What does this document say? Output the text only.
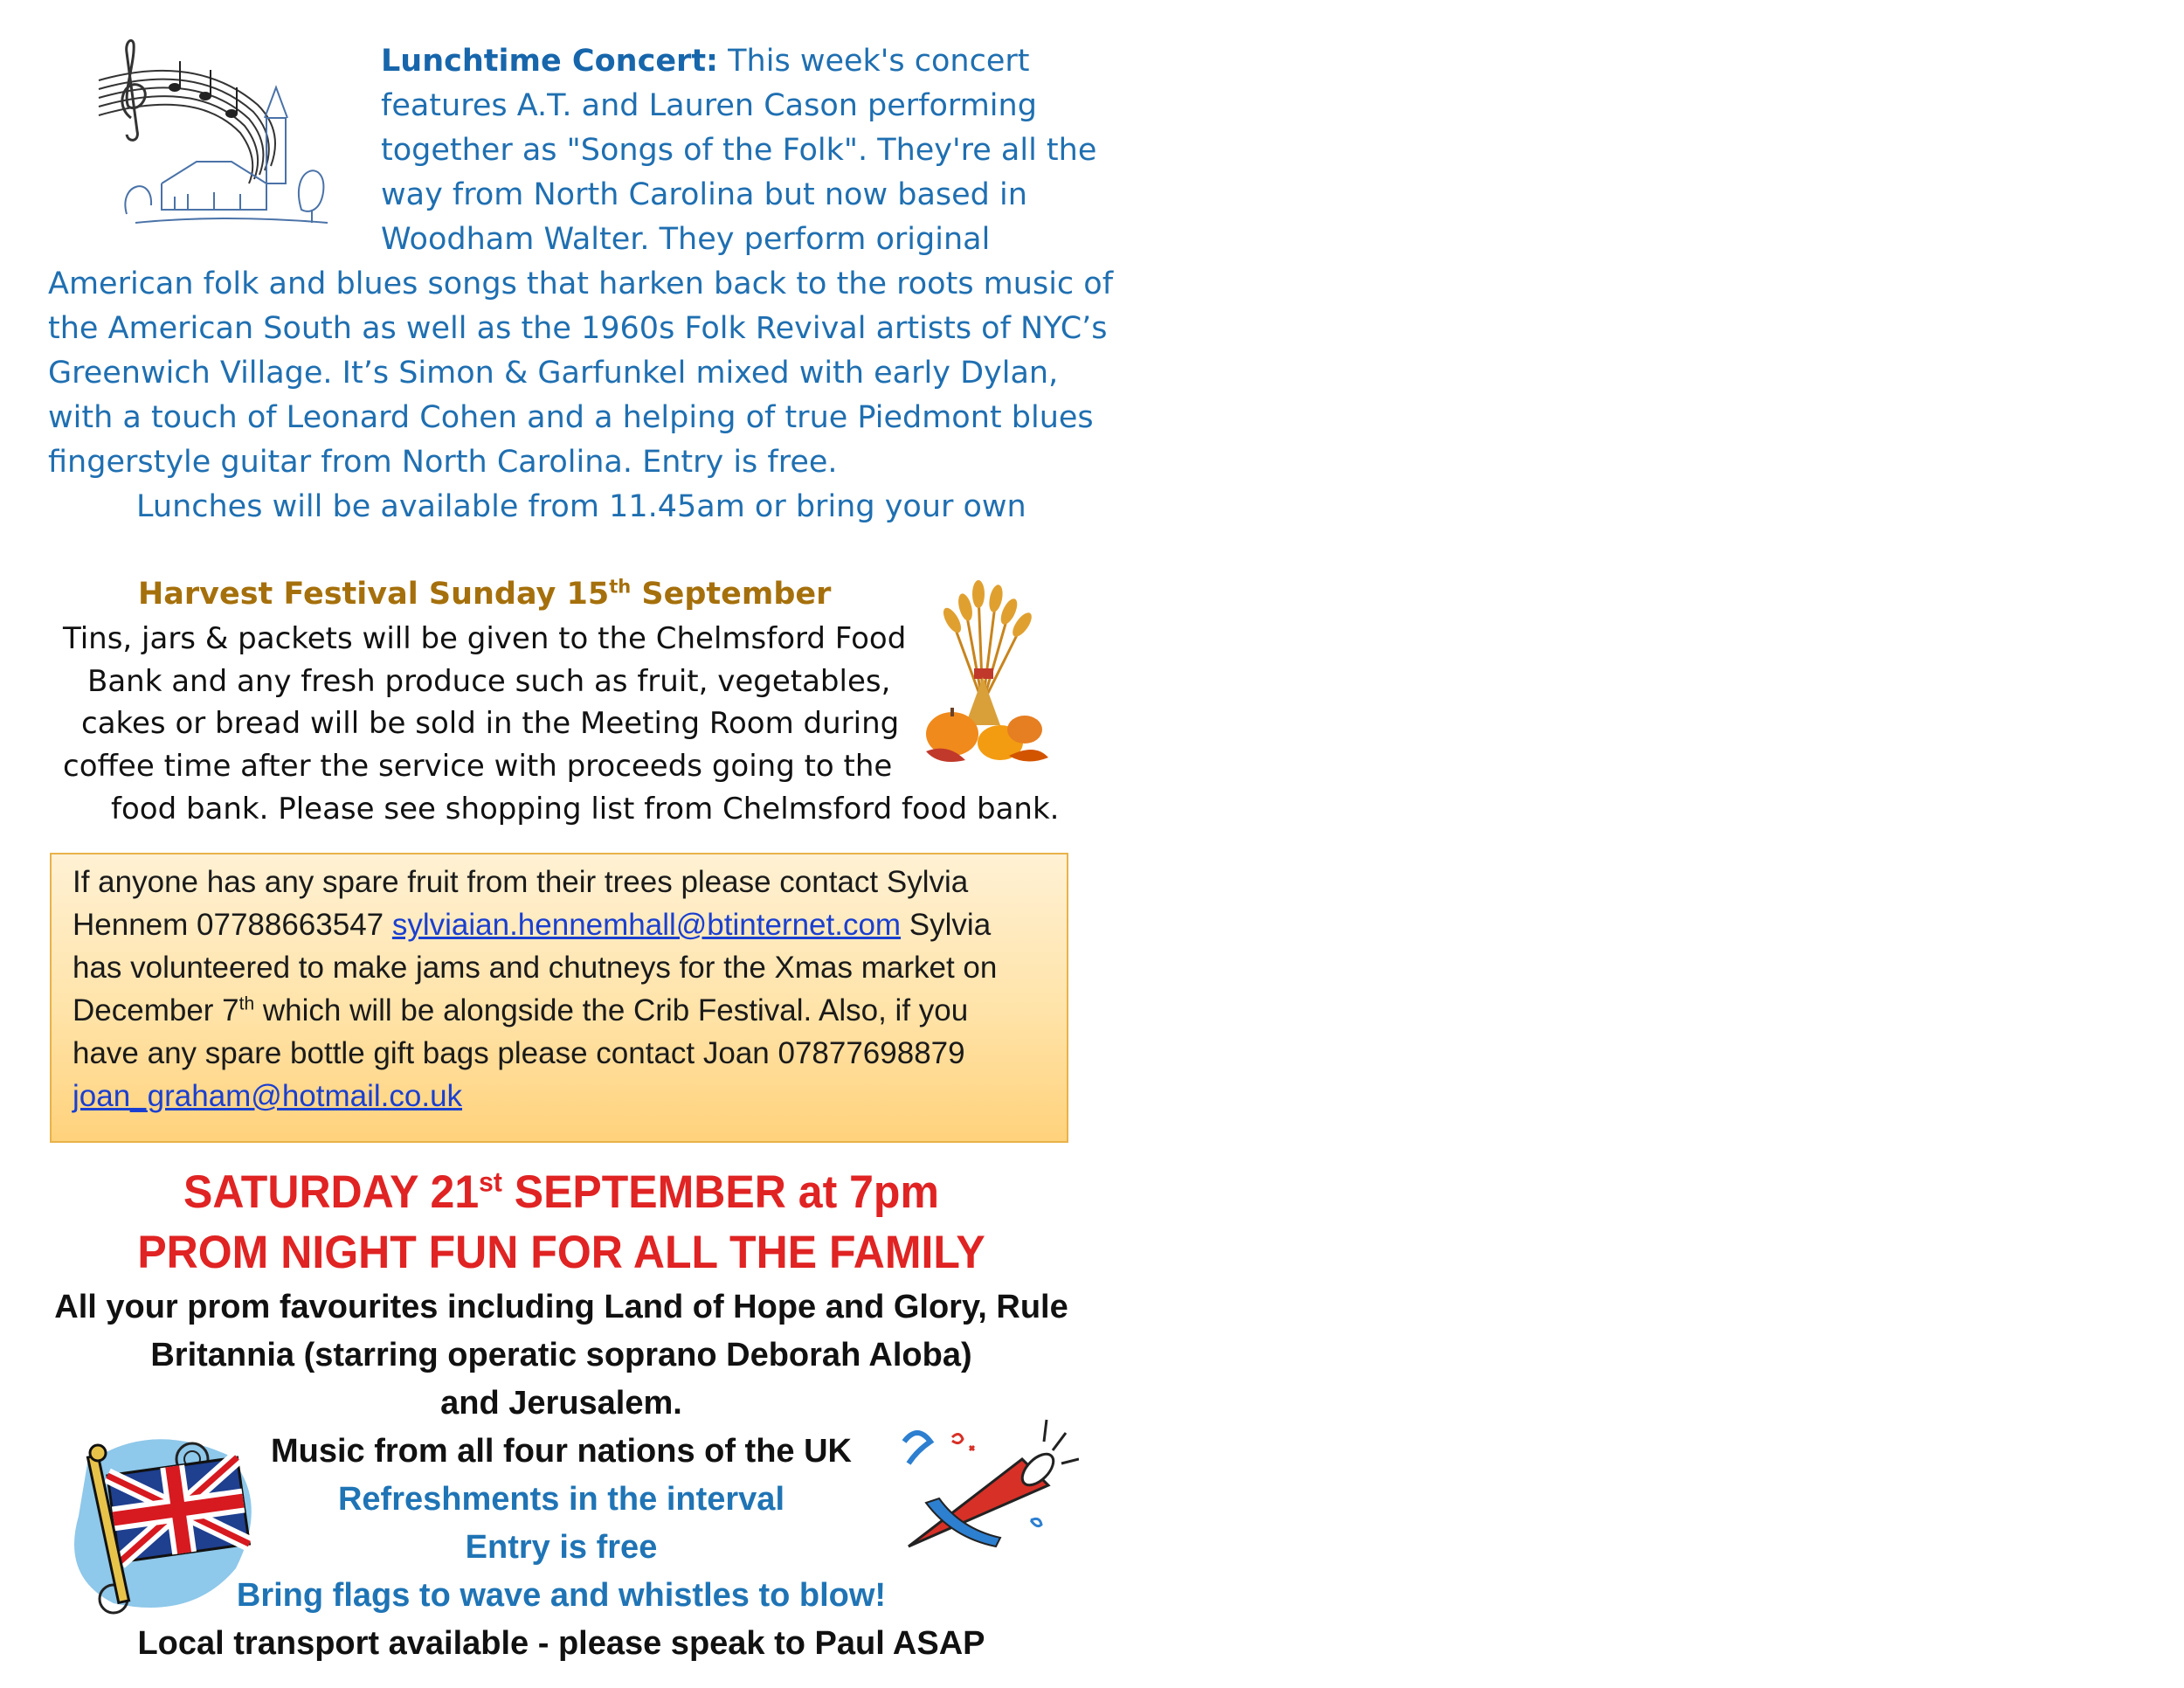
Lunchtime Concert: This week's concert
features A.T. and Lauren Cason performing
together as "Songs of the Folk". They're all the
way from North Carolina but now based in
Woodham Walter. They perform original
American folk and blues songs that harken back to the roots music of
the American South as well as the 1960s Folk Revival artists of NYC’s
Greenwich Village. It’s Simon & Garfunkel mixed with early Dylan,
with a touch of Leonard Cohen and a helping of true Piedmont blues
fingerstyle guitar from North Carolina. Entry is free.
Lunches will be available from 11.45am or bring your own
Harvest Festival Sunday 15th September
Tins, jars & packets will be given to the Chelmsford Food
Bank and any fresh produce such as fruit, vegetables,
cakes or bread will be sold in the Meeting Room during
coffee time after the service with proceeds going to the
food bank. Please see shopping list from Chelmsford food bank.
If anyone has any spare fruit from their trees please contact Sylvia
Hennem 07788663547 sylviaian.hennemhall@btinternet.com Sylvia
has volunteered to make jams and chutneys for the Xmas market on
December 7th which will be alongside the Crib Festival. Also, if you
have any spare bottle gift bags please contact Joan 07877698879
joan_graham@hotmail.co.uk
SATURDAY 21st SEPTEMBER at 7pm
PROM NIGHT FUN FOR ALL THE FAMILY
All your prom favourites including Land of Hope and Glory, Rule
Britannia (starring operatic soprano Deborah Aloba)
and Jerusalem.
Music from all four nations of the UK
Refreshments in the interval
Entry is free
Bring flags to wave and whistles to blow!
Local transport available - please speak to Paul ASAP
